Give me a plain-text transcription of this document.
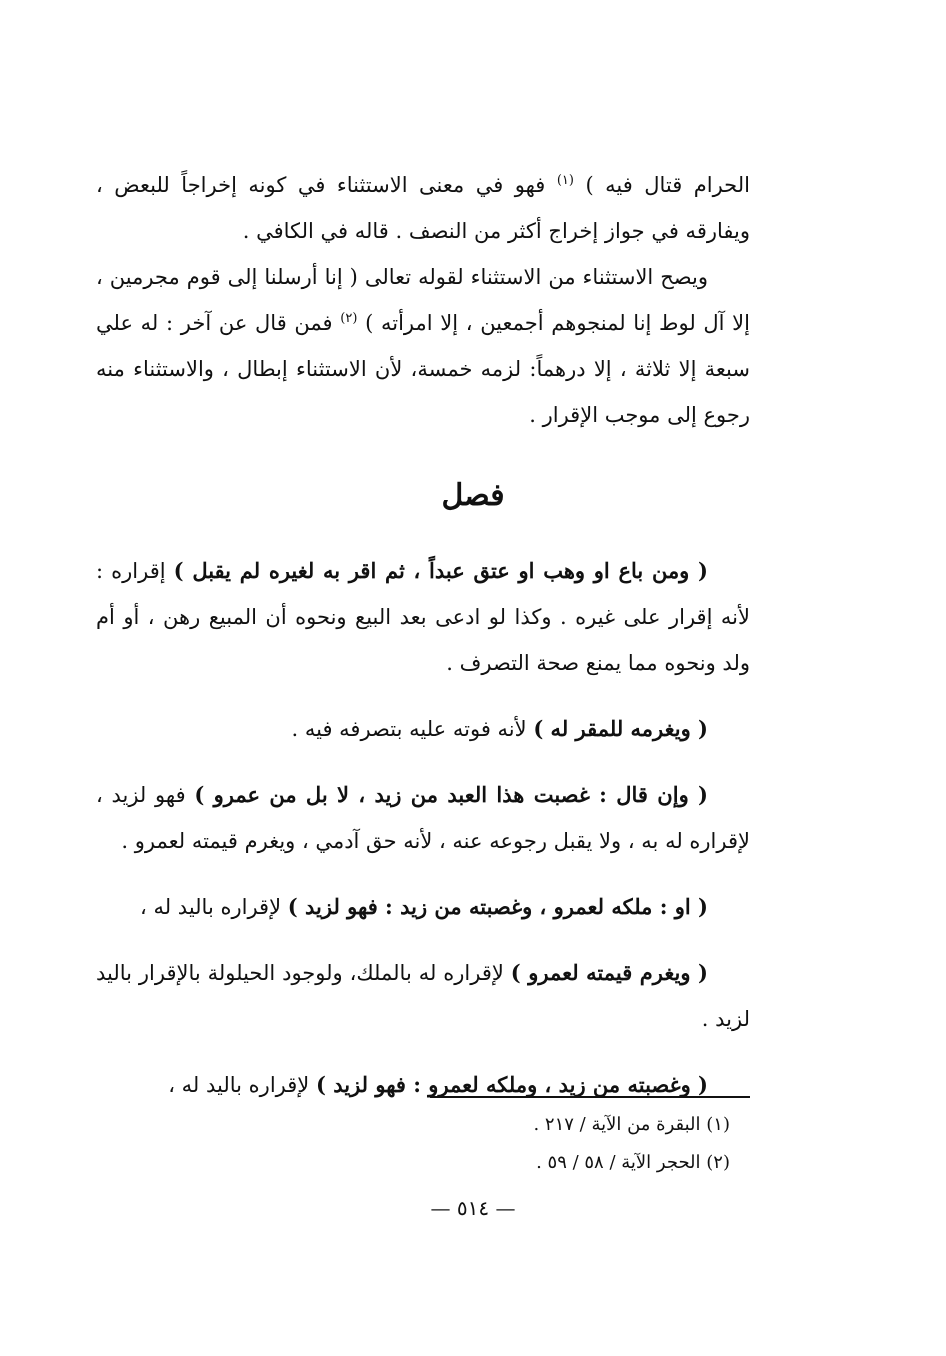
الحرام قتال فيه ) $^{(١)}$ فهو في معنى الاستثناء في كونه إخراجاً للبعض ، ويفارقه في جواز إخراج أكثر من النصف . قاله في الكافي .

ويصح الاستثناء من الاستثناء لقوله تعالى ( إنا أرسلنا إلى قوم مجرمين ، إلا آل لوط إنا لمنجوهم أجمعين ، إلا امرأته ) $^{(٢)}$ فمن قال عن آخر : له علي سبعة إلا ثلاثة ، إلا درهماً: لزمه خمسة، لأن الاستثناء إبطال ، والاستثناء منه رجوع إلى موجب الإقرار .

فصل

( ومن باع او وهب او عتق عبداً ، ثم اقر به لغيره لم يقبل ) إقراره : لأنه إقرار على غيره . وكذا لو ادعى بعد البيع ونحوه أن المبيع رهن ، أو أم ولد ونحوه مما يمنع صحة التصرف .

( ويغرمه للمقر له ) لأنه فوته عليه بتصرفه فيه .

( وإن قال : غصبت هذا العبد من زيد ، لا بل من عمرو ) فهو لزيد ، لإقراره له به ، ولا يقبل رجوعه عنه ، لأنه حق آدمي ، ويغرم قيمته لعمرو .

( او : ملكه لعمرو ، وغصبته من زيد : فهو لزيد ) لإقراره باليد له ،

( ويغرم قيمته لعمرو ) لإقراره له بالملك، ولوجود الحيلولة بالإقرار باليد لزيد .

( وغصبته من زيد ، وملكه لعمرو : فهو لزيد ) لإقراره باليد له ،

(١) البقرة من الآية / ٢١٧ .
(٢) الحجر الآية / ٥٨ / ٥٩ .
— ٥١٤ —
